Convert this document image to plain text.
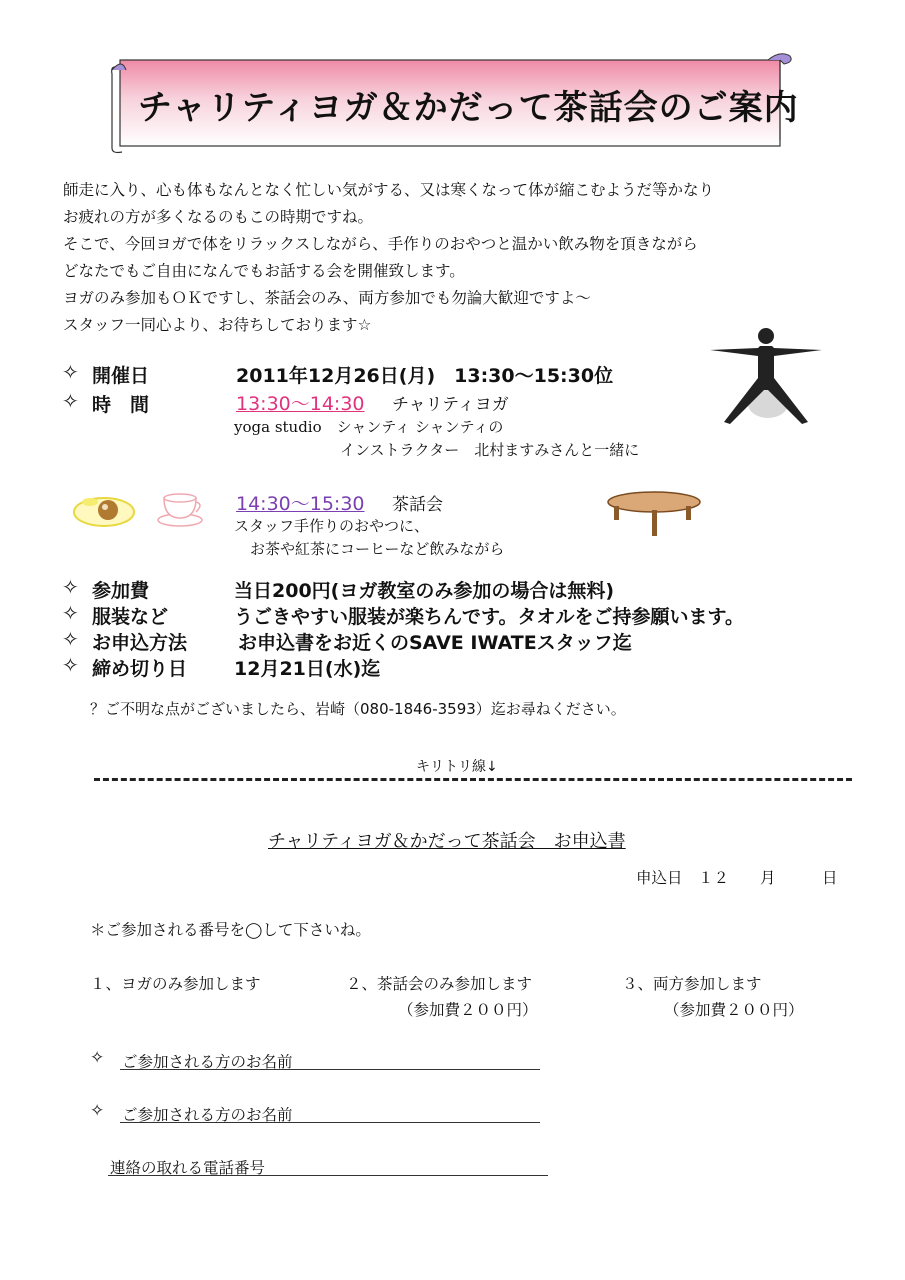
チャリティヨガ＆かだって茶話会のご案内
師走に入り、心も体もなんとなく忙しい気がする、又は寒くなって体が縮こむようだ等かなり
お疲れの方が多くなるのもこの時期ですね。
そこで、今回ヨガで体をリラックスしながら、手作りのおやつと温かい飲み物を頂きながら
どなたでもご自由になんでもお話する会を開催致します。
ヨガのみ参加もＯＫですし、茶話会のみ、両方参加でも勿論大歓迎ですよ〜
スタッフ一同心より、お待ちしております☆
✧ 開催日	2011年12月26日(月)　13:30〜15:30位
✧ 時　間	13:30〜14:30 チャリティヨガ
yoga studio　シャンティ シャンティの
インストラクター　北村ますみさんと一緒に
14:30〜15:30 茶話会
スタッフ手作りのおやつに、
お茶や紅茶にコーヒーなど飲みながら
✧ 参加費	当日200円(ヨガ教室のみ参加の場合は無料)
✧ 服装など	うごきやすい服装が楽ちんです。タオルをご持参願います。
✧ お申込方法	お申込書をお近くのSAVE IWATEスタッフ迄
✧ 締め切り日 12月21日(水)迄
？ご不明な点がございましたら、岩崎（080-1846-3593）迄お尋ねください。
キリトリ線↓
チャリティヨガ＆かだって茶話会　お申込書
申込日　１２　　月　　　日
＊ご参加される番号を◯して下さいね。
１、ヨガのみ参加します	２、茶話会のみ参加します
（参加費２００円）
３、両方参加します
（参加費２００円）
✧ ご参加される方のお名前
✧ ご参加される方のお名前
連絡の取れる電話番号
